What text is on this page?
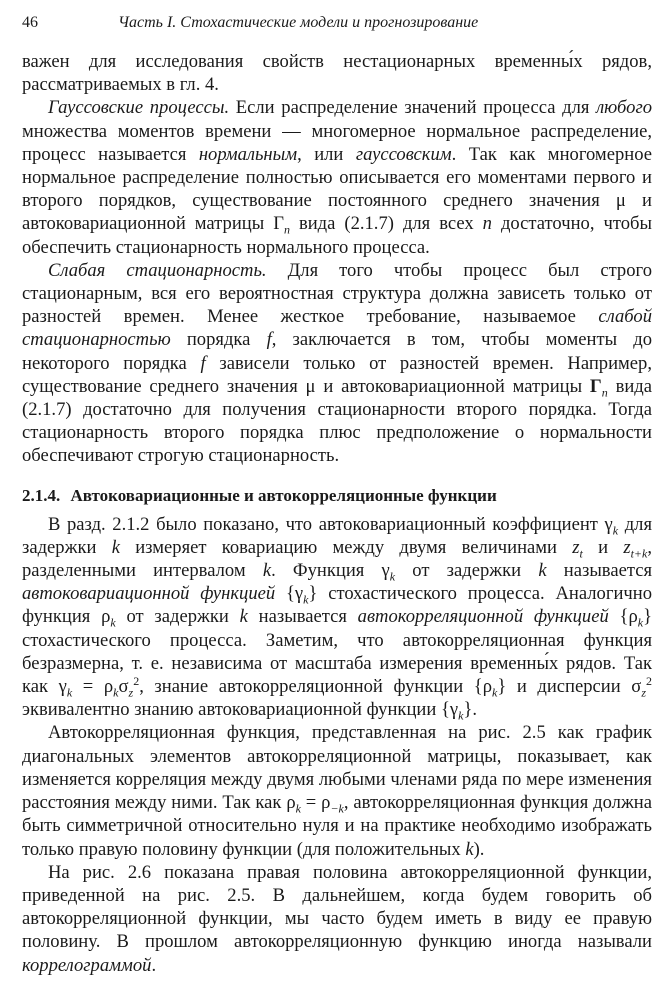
46	Часть I. Стохастические модели и прогнозирование

важен для исследования свойств нестационарных временны́х рядов, рассматриваемых в гл. 4.

Гауссовские процессы. Если распределение значений процесса для любого множества моментов времени — многомерное нормальное распределение, процесс называется нормальным, или гауссовским. Так как многомерное нормальное распределение полностью описывается его моментами первого и второго порядков, существование постоянного среднего значения μ и автоковариационной матрицы $\Gamma_n$ вида (2.1.7) для всех n достаточно, чтобы обеспечить стационарность нормального процесса.

Слабая стационарность. Для того чтобы процесс был строго стационарным, вся его вероятностная структура должна зависеть только от разностей времен. Менее жесткое требование, называемое слабой стационарностью порядка f, заключается в том, чтобы моменты до некоторого порядка f зависели только от разностей времен. Например, существование среднего значения μ и автоковариационной матрицы $\Gamma_n$ вида (2.1.7) достаточно для получения стационарности второго порядка. Тогда стационарность второго порядка плюс предположение о нормальности обеспечивают строгую стационарность.

2.1.4. Автоковариационные и автокорреляционные функции

В разд. 2.1.2 было показано, что автоковариационный коэффициент $\gamma_k$ для задержки k измеряет ковариацию между двумя величинами $z_t$ и $z_{t+k}$, разделенными интервалом k. Функция $\gamma_k$ от задержки k называется автоковариационной функцией $\{\gamma_k\}$ стохастического процесса. Аналогично функция $\rho_k$ от задержки k называется автокорреляционной функцией $\{\rho_k\}$ стохастического процесса. Заметим, что автокорреляционная функция безразмерна, т. е. независима от масштаба измерения временны́х рядов. Так как $\gamma_k = \rho_k\sigma_z^2$, знание автокорреляционной функции $\{\rho_k\}$ и дисперсии $\sigma_z^2$ эквивалентно знанию автоковариационной функции $\{\gamma_k\}$.

Автокорреляционная функция, представленная на рис. 2.5 как график диагональных элементов автокорреляционной матрицы, показывает, как изменяется корреляция между двумя любыми членами ряда по мере изменения расстояния между ними. Так как $\rho_k = \rho_{-k}$, автокорреляционная функция должна быть симметричной относительно нуля и на практике необходимо изображать только правую половину функции (для положительных k).

На рис. 2.6 показана правая половина автокорреляционной функции, приведенной на рис. 2.5. В дальнейшем, когда будем говорить об автокорреляционной функции, мы часто будем иметь в виду ее правую половину. В прошлом автокорреляционную функцию иногда называли коррелограммой.
